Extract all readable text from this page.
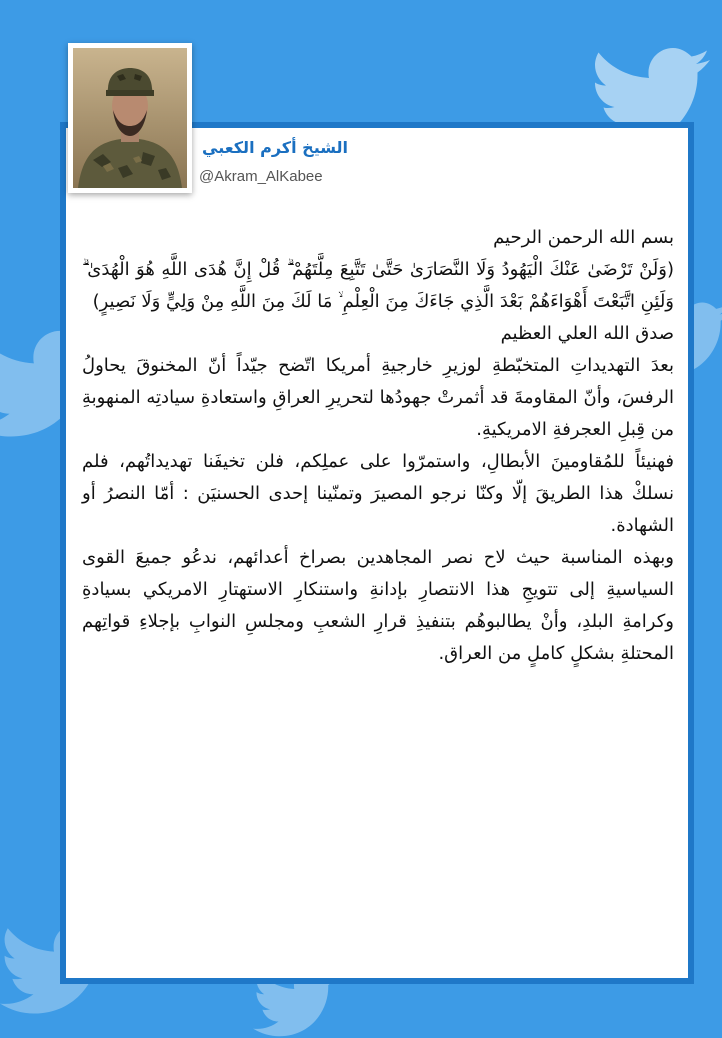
الشيخ أكرم الكعبي
@Akram_AlKabee

بسم الله الرحمن الرحيم

(وَلَنْ تَرْضَىٰ عَنْكَ الْيَهُودُ وَلَا النَّصَارَىٰ حَتَّىٰ تَتَّبِعَ مِلَّتَهُمْ ۗ قُلْ إِنَّ هُدَى اللَّهِ هُوَ الْهُدَىٰ ۗ وَلَئِنِ اتَّبَعْتَ أَهْوَاءَهُمْ بَعْدَ الَّذِي جَاءَكَ مِنَ الْعِلْمِ ۙ مَا لَكَ مِنَ اللَّهِ مِنْ وَلِيٍّ وَلَا نَصِيرٍ)

صدق الله العلي العظيم

بعدَ التهديداتِ المتخبّطةِ لوزيرِ خارجيةِ أمريكا اتّضح جيّداً أنّ المخنوقَ يحاولُ الرفسَ، وأنّ المقاومةَ قد أثمرتْ جهودُها لتحريرِ العراقِ واستعادةِ سيادتِه المنهوبةِ من قِبلِ العجرفةِ الامريكيةِ.

فهنيئاً للمُقاومينَ الأبطالِ، واستمرّوا على عملِكم، فلن تخيفَنا تهديداتُهم، فلم نسلكْ هذا الطريقَ إلّا وكنّا نرجو المصيرَ وتمنّينا إحدى الحسنيَن : أمّا النصرُ أو الشهادة.

وبهذه المناسبة حيث لاح نصر المجاهدين بصراخ أعدائهم، ندعُو جميعَ القوى السياسيةِ إلى تتويجِ هذا الانتصارِ بإدانةِ واستنكارِ الاستهتارِ الامريكي بسيادةِ وكرامةِ البلدِ، وأنْ يطالبوهُم بتنفيذِ قرارِ الشعبِ ومجلسِ النوابِ بإجلاءِ قواتِهم المحتلةِ بشكلٍ كاملٍ من العراق.
